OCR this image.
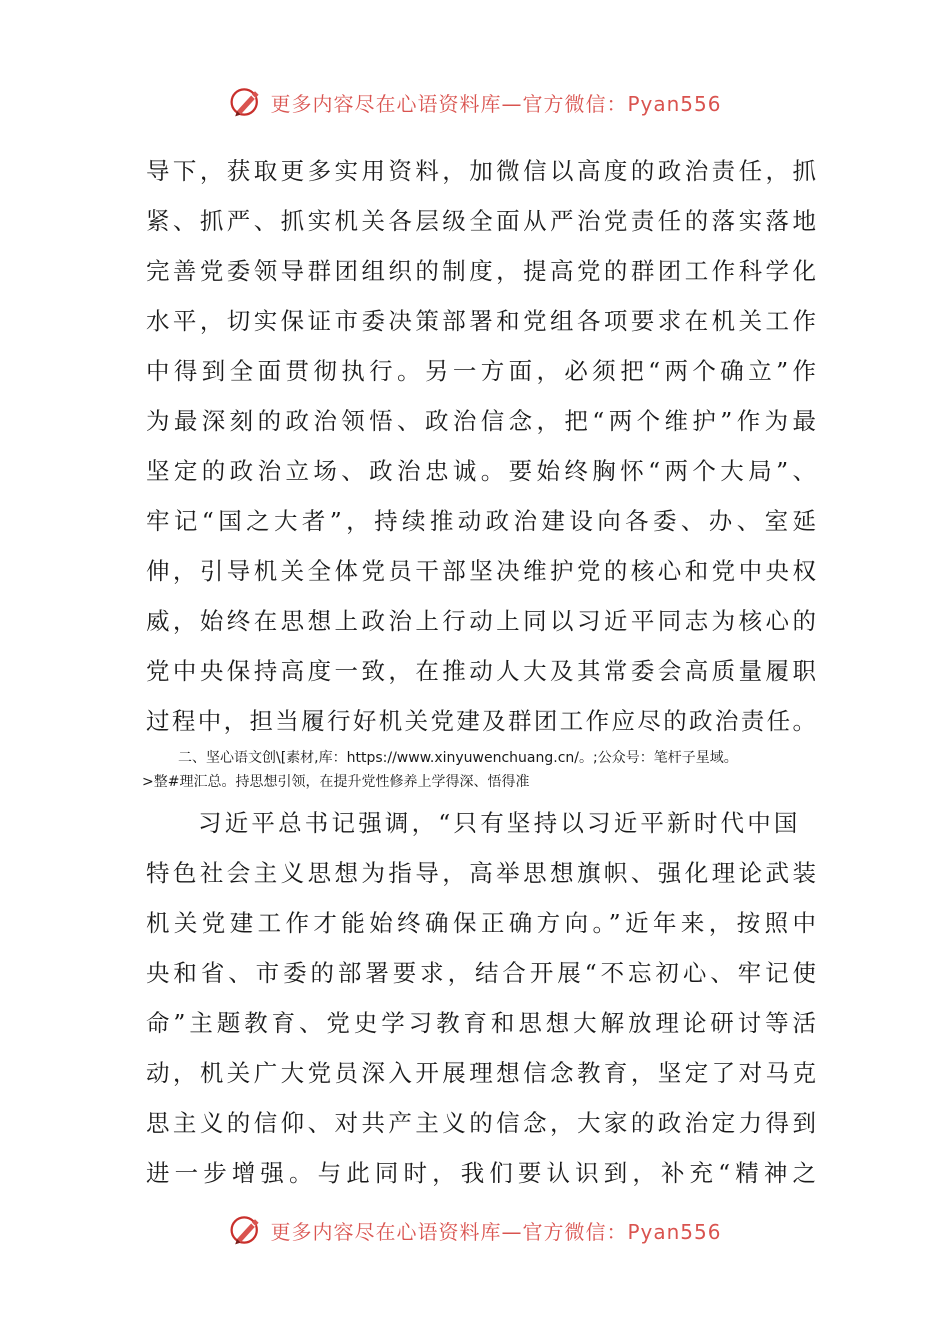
更多内容尽在心语资料库—官方微信：Pyan556
导下，获取更多实用资料，加微信以高度的政治责任，抓
紧、抓严、抓实机关各层级全面从严治党责任的落实落地
完善党委领导群团组织的制度，提高党的群团工作科学化
水平，切实保证市委决策部署和党组各项要求在机关工作
中得到全面贯彻执行。另一方面，必须把“两个确立”作
为最深刻的政治领悟、政治信念，把“两个维护”作为最
坚定的政治立场、政治忠诚。要始终胸怀“两个大局”、
牢记“国之大者”，持续推动政治建设向各委、办、室延
伸，引导机关全体党员干部坚决维护党的核心和党中央权
威，始终在思想上政治上行动上同以习近平同志为核心的
党中央保持高度一致，在推动人大及其常委会高质量履职
过程中，担当履行好机关党建及群团工作应尽的政治责任。
二、坚心语文创\[素材,库：https://www.xinyuwenchuang.cn/。;公众号：笔杆子星域。
>整#理汇总。持思想引领，在提升党性修养上学得深、悟得准
习近平总书记强调，“只有坚持以习近平新时代中国
特色社会主义思想为指导，高举思想旗帜、强化理论武装
机关党建工作才能始终确保正确方向。”近年来，按照中
央和省、市委的部署要求，结合开展“不忘初心、牢记使
命”主题教育、党史学习教育和思想大解放理论研讨等活
动，机关广大党员深入开展理想信念教育，坚定了对马克
思主义的信仰、对共产主义的信念，大家的政治定力得到
进一步增强。与此同时，我们要认识到，补充“精神之
更多内容尽在心语资料库—官方微信：Pyan556
